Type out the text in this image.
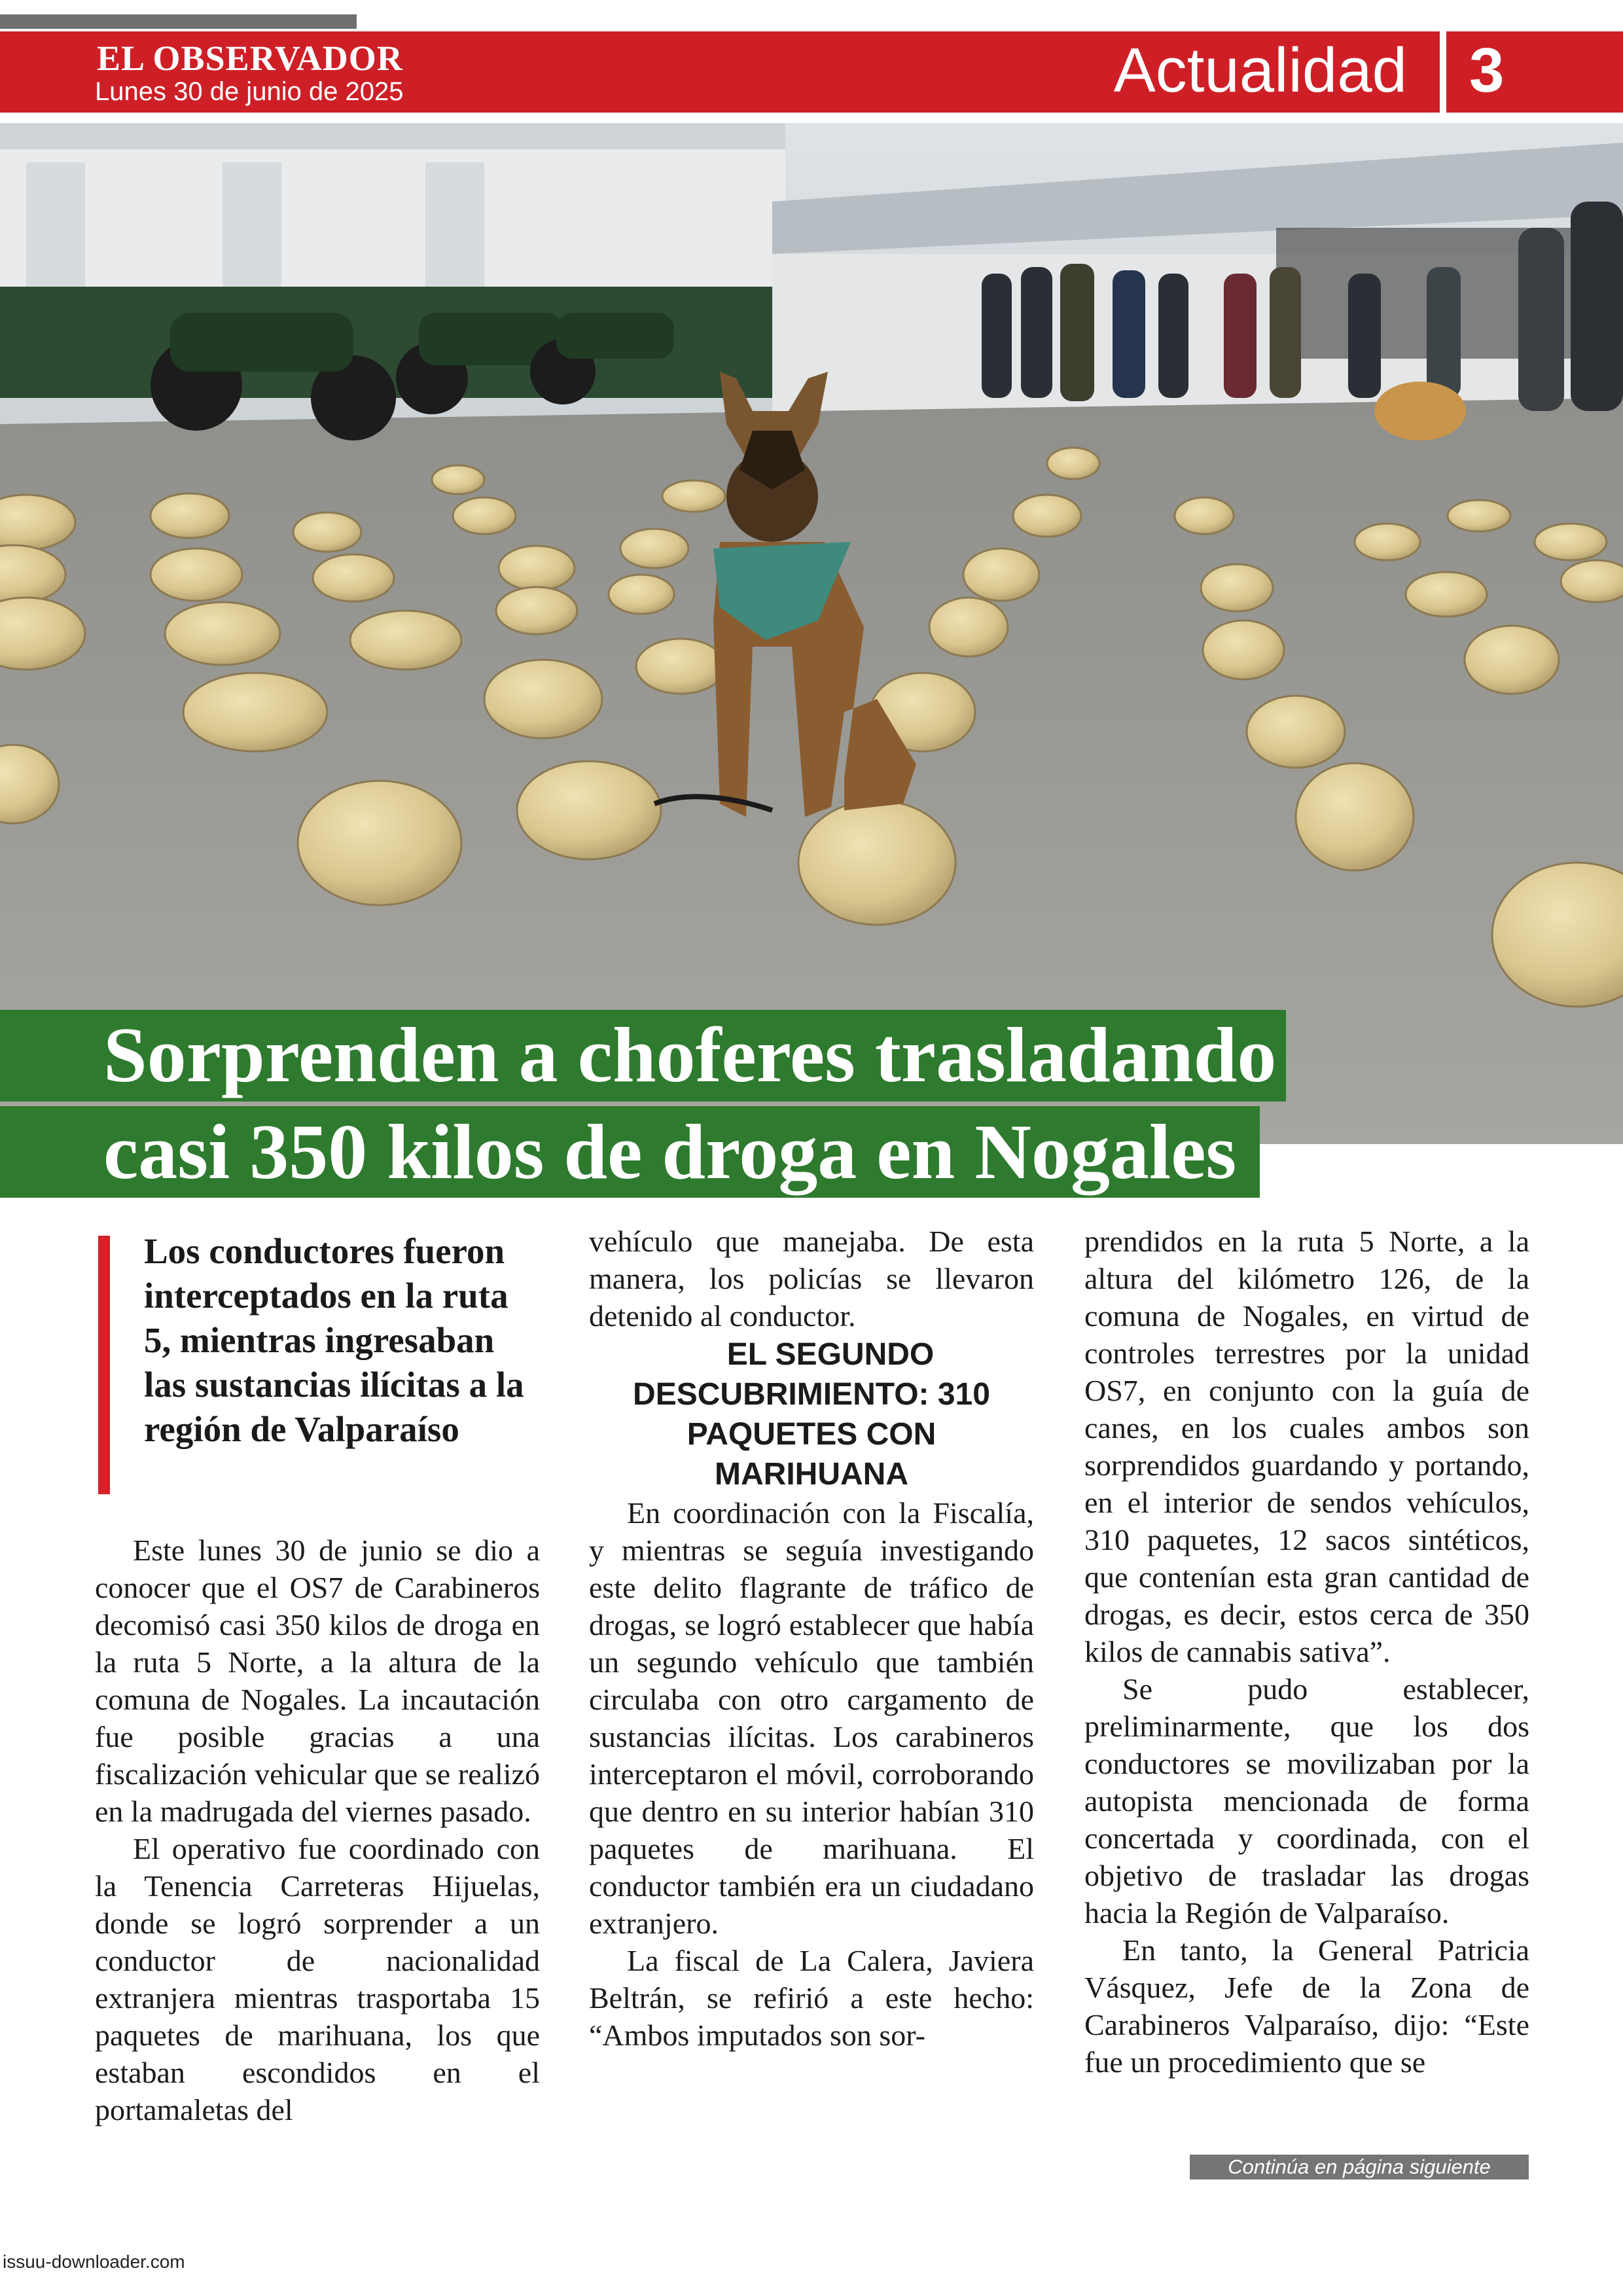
EL OBSERVADOR
Lunes 30 de junio de 2025	Actualidad 3
Sorprenden a choferes trasladando
casi 350 kilos de droga en Nogales
Los conductores fueron interceptados en la ruta 5, mientras ingresaban las sustancias ilícitas a la región de Valparaíso

Este lunes 30 de junio se dio a conocer que el OS7 de Carabineros decomisó casi 350 kilos de droga en la ruta 5 Norte, a la altura de la comuna de Nogales. La incautación fue posible gracias a una fiscalización vehicular que se realizó en la madrugada del viernes pasado.

El operativo fue coordinado con la Tenencia Carreteras Hijuelas, donde se logró sorprender a un conductor de nacionalidad extranjera mientras trasportaba 15 paquetes de marihuana, los que estaban escondidos en el portamaletas del

vehículo que manejaba. De esta manera, los policías se llevaron detenido al conductor.

EL SEGUNDO DESCUBRIMIENTO: 310 PAQUETES CON MARIHUANA

En coordinación con la Fiscalía, y mientras se seguía investigando este delito flagrante de tráfico de drogas, se logró establecer que había un segundo vehículo que también circulaba con otro cargamento de sustancias ilícitas. Los carabineros interceptaron el móvil, corroborando que dentro en su interior habían 310 paquetes de marihuana. El conductor también era un ciudadano extranjero.

La fiscal de La Calera, Javiera Beltrán, se refirió a este hecho: “Ambos imputados son sor-

prendidos en la ruta 5 Norte, a la altura del kilómetro 126, de la comuna de Nogales, en virtud de controles terrestres por la unidad OS7, en conjunto con la guía de canes, en los cuales ambos son sorprendidos guardando y portando, en el interior de sendos vehículos, 310 paquetes, 12 sacos sintéticos, que contenían esta gran cantidad de drogas, es decir, estos cerca de 350 kilos de cannabis sativa”.

Se pudo establecer, preliminarmente, que los dos conductores se movilizaban por la autopista mencionada de forma concertada y coordinada, con el objetivo de trasladar las drogas hacia la Región de Valparaíso.

En tanto, la General Patricia Vásquez, Jefe de la Zona de Carabineros Valparaíso, dijo: “Este fue un procedimiento que se

Continúa en página siguiente
issuu-downloader.com
